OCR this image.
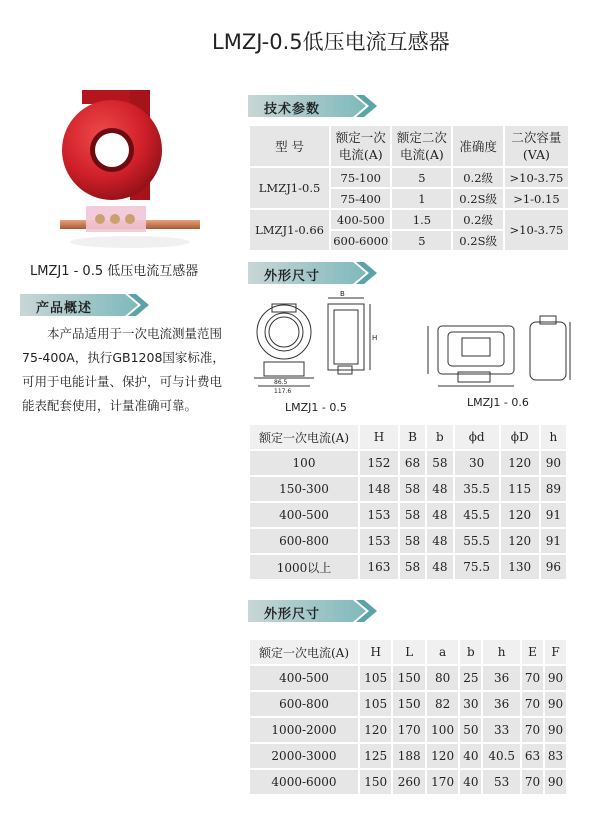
LMZJ-0.5低压电流互感器
LMZJ1 - 0.5 低压电流互感器
产品概述

本产品适用于一次电流测量范围75-400A，执行GB1208国家标准，可用于电能计量、保护，可与计费电能表配套使用，计量准确可靠。

技术参数
型 号	额定一次电流(A)	额定二次电流(A)	准确度	二次容量(VA)
LMZJ1-0.5	75-100	5	0.2级	>10-3.75
	75-400	1	0.2S级	>1-0.15
LMZJ1-0.66	400-500	1.5	0.2级	>10-3.75
	600-6000	5	0.2S级	
外形尺寸
B
H
86.5
117.6
LMZJ1 - 0.5	LMZJ1 - 0.6
额定一次电流(A)	H	B	b	ϕd	ϕD	h
100	152	68	58	30	120	90
150-300	148	58	48	35.5	115	89
400-500	153	58	48	45.5	120	91
600-800	153	58	48	55.5	120	91
1000以上	163	58	48	75.5	130	96
外形尺寸
额定一次电流(A)	H	L	a	b	h	E	F
400-500	105	150	80	25	36	70	90
600-800	105	150	82	30	36	70	90
1000-2000	120	170	100	50	33	70	90
2000-3000	125	188	120	40	40.5	63	83
4000-6000	150	260	170	40	53	70	90
